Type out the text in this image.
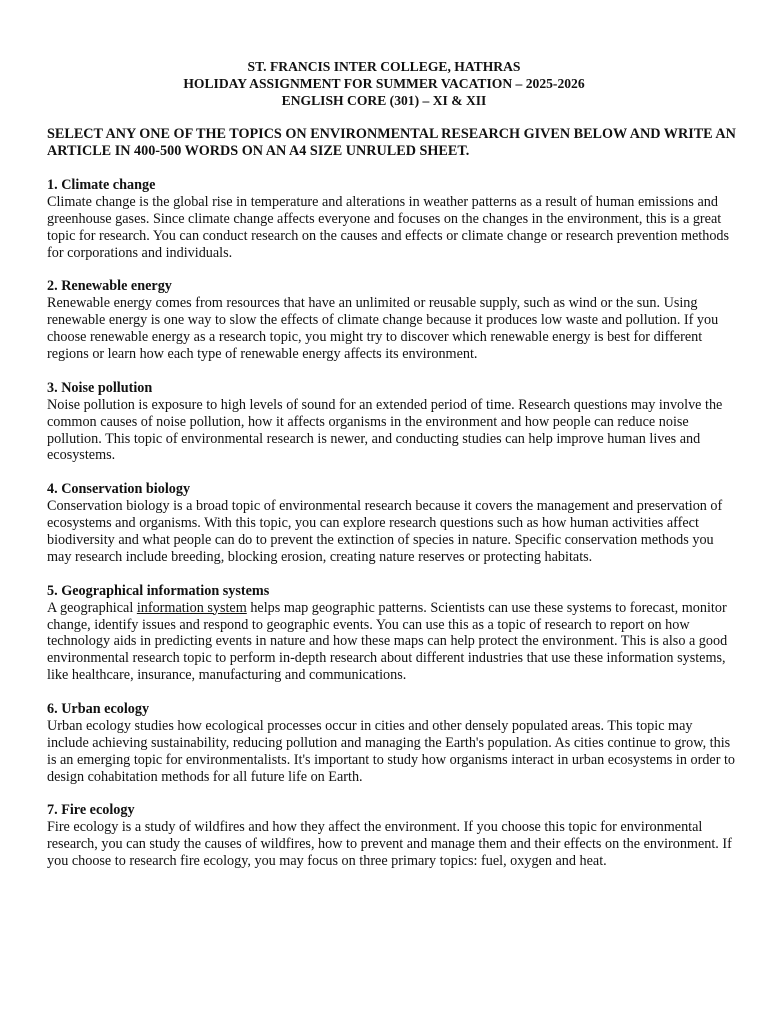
ST. FRANCIS INTER COLLEGE, HATHRAS
HOLIDAY ASSIGNMENT FOR SUMMER VACATION – 2025-2026
ENGLISH CORE (301) – XI & XII
SELECT ANY ONE OF THE TOPICS ON ENVIRONMENTAL RESEARCH GIVEN BELOW AND WRITE AN ARTICLE IN 400-500 WORDS ON AN A4 SIZE UNRULED SHEET.
1. Climate change
Climate change is the global rise in temperature and alterations in weather patterns as a result of human emissions and greenhouse gases. Since climate change affects everyone and focuses on the changes in the environment, this is a great topic for research. You can conduct research on the causes and effects or climate change or research prevention methods for corporations and individuals.
2. Renewable energy
Renewable energy comes from resources that have an unlimited or reusable supply, such as wind or the sun. Using renewable energy is one way to slow the effects of climate change because it produces low waste and pollution. If you choose renewable energy as a research topic, you might try to discover which renewable energy is best for different regions or learn how each type of renewable energy affects its environment.
3. Noise pollution
Noise pollution is exposure to high levels of sound for an extended period of time. Research questions may involve the common causes of noise pollution, how it affects organisms in the environment and how people can reduce noise pollution. This topic of environmental research is newer, and conducting studies can help improve human lives and ecosystems.
4. Conservation biology
Conservation biology is a broad topic of environmental research because it covers the management and preservation of ecosystems and organisms. With this topic, you can explore research questions such as how human activities affect biodiversity and what people can do to prevent the extinction of species in nature. Specific conservation methods you may research include breeding, blocking erosion, creating nature reserves or protecting habitats.
5. Geographical information systems
A geographical information system helps map geographic patterns. Scientists can use these systems to forecast, monitor change, identify issues and respond to geographic events. You can use this as a topic of research to report on how technology aids in predicting events in nature and how these maps can help protect the environment. This is also a good environmental research topic to perform in-depth research about different industries that use these information systems, like healthcare, insurance, manufacturing and communications.
6. Urban ecology
Urban ecology studies how ecological processes occur in cities and other densely populated areas. This topic may include achieving sustainability, reducing pollution and managing the Earth's population. As cities continue to grow, this is an emerging topic for environmentalists. It's important to study how organisms interact in urban ecosystems in order to design cohabitation methods for all future life on Earth.
7. Fire ecology
Fire ecology is a study of wildfires and how they affect the environment. If you choose this topic for environmental research, you can study the causes of wildfires, how to prevent and manage them and their effects on the environment. If you choose to research fire ecology, you may focus on three primary topics: fuel, oxygen and heat.
